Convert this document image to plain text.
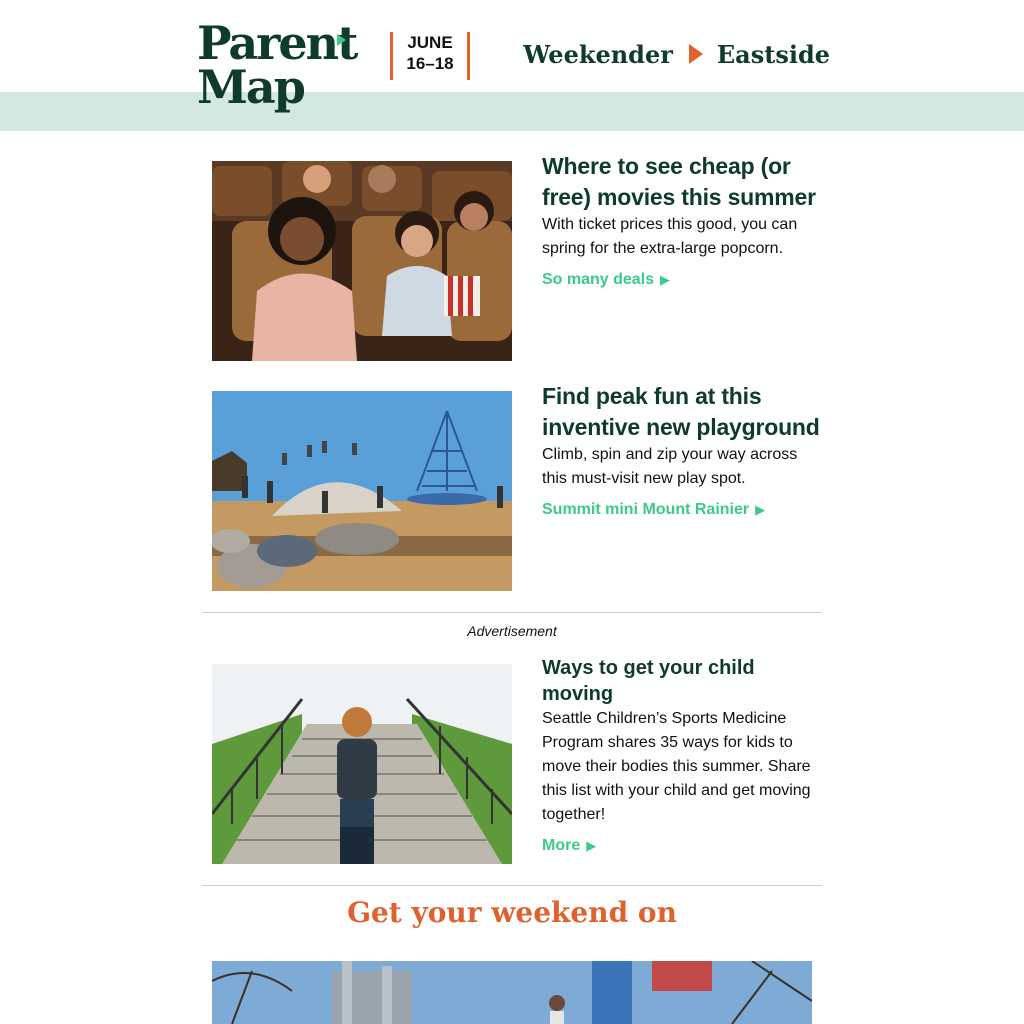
Parent
Map
JUNE
16–18	Weekender Eastside
Where to see cheap (or free) movies this summer

With ticket prices this good, you can spring for the extra-large popcorn.

So many deals ▶
Find peak fun at this inventive new playground

Climb, spin and zip your way across this must-visit new play spot.

Summit mini Mount Rainier ▶
Advertisement
Ways to get your child moving

Seattle Children’s Sports Medicine Program shares 35 ways for kids to move their bodies this summer. Share this list with your child and get moving together!

More ▶
Get your weekend on
